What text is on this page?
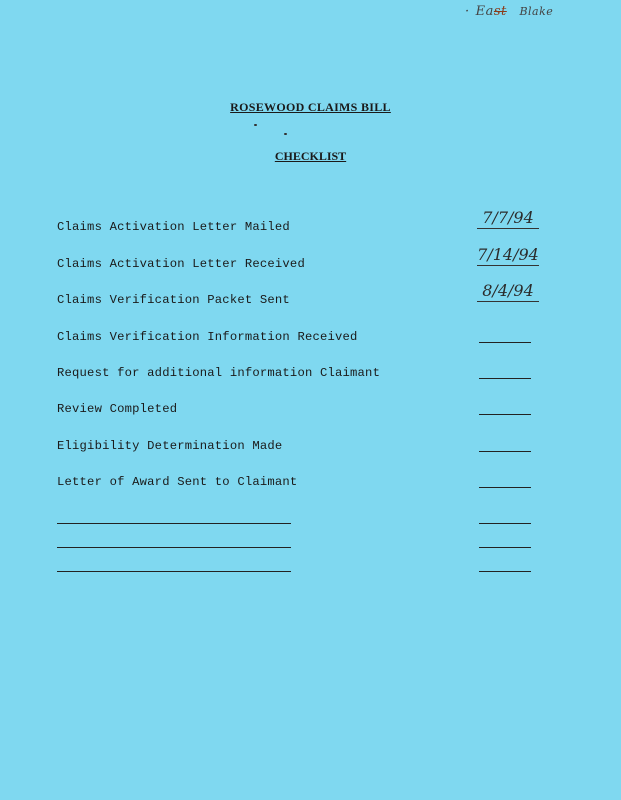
· East Blake
ROSEWOOD CLAIMS BILL
CHECKLIST
Claims Activation Letter Mailed	7/7/94
Claims Activation Letter Received	7/14/94
Claims Verification Packet Sent	8/4/94
Claims Verification Information Received
Request for additional information Claimant
Review Completed
Eligibility Determination Made
Letter of Award Sent to Claimant
